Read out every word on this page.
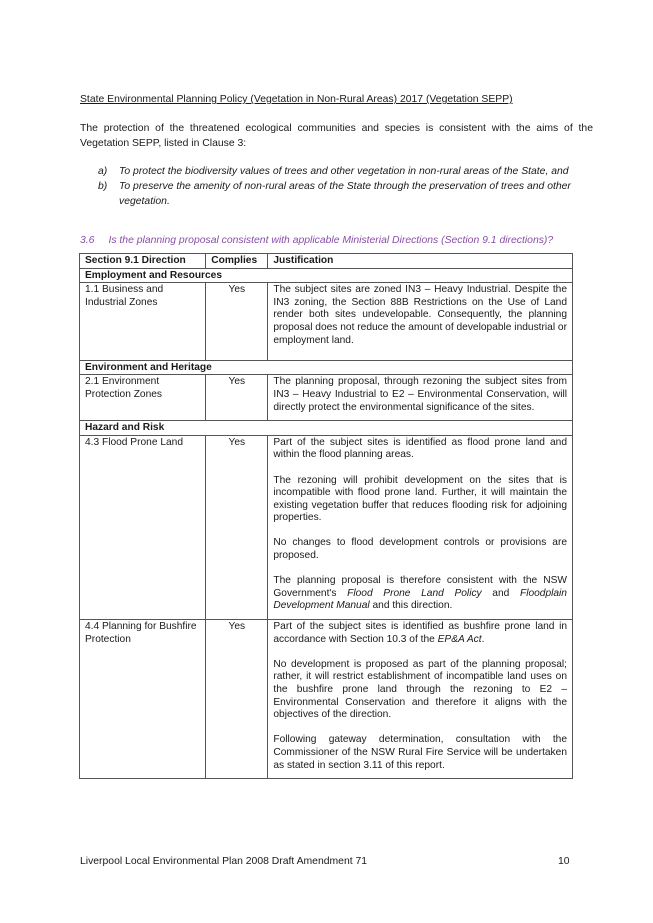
State Environmental Planning Policy (Vegetation in Non-Rural Areas) 2017 (Vegetation SEPP)
The protection of the threatened ecological communities and species is consistent with the aims of the Vegetation SEPP, listed in Clause 3:
a) To protect the biodiversity values of trees and other vegetation in non-rural areas of the State, and
b) To preserve the amenity of non-rural areas of the State through the preservation of trees and other vegetation.
3.6 Is the planning proposal consistent with applicable Ministerial Directions (Section 9.1 directions)?
Section 9.1 Direction	Complies	Justification
Employment and Resources		
1.1 Business and Industrial Zones	Yes	The subject sites are zoned IN3 – Heavy Industrial. Despite the IN3 zoning, the Section 88B Restrictions on the Use of Land render both sites undevelopable. Consequently, the planning proposal does not reduce the amount of developable industrial or employment land.

Environment and Heritage		
2.1 Environment Protection Zones	Yes	The planning proposal, through rezoning the subject sites from IN3 – Heavy Industrial to E2 – Environmental Conservation, will directly protect the environmental significance of the sites.

Hazard and Risk		
4.3 Flood Prone Land	Yes	Part of the subject sites is identified as flood prone land and within the flood planning areas.

The rezoning will prohibit development on the sites that is incompatible with flood prone land. Further, it will maintain the existing vegetation buffer that reduces flooding risk for adjoining properties.

No changes to flood development controls or provisions are proposed.

The planning proposal is therefore consistent with the NSW Government's Flood Prone Land Policy and Floodplain Development Manual and this direction.

4.4 Planning for Bushfire Protection	Yes	Part of the subject sites is identified as bushfire prone land in accordance with Section 10.3 of the EP&A Act.

No development is proposed as part of the planning proposal; rather, it will restrict establishment of incompatible land uses on the bushfire prone land through the rezoning to E2 – Environmental Conservation and therefore it aligns with the objectives of the direction.

Following gateway determination, consultation with the Commissioner of the NSW Rural Fire Service will be undertaken as stated in section 3.11 of this report.

Liverpool Local Environmental Plan 2008 Draft Amendment 71	10
